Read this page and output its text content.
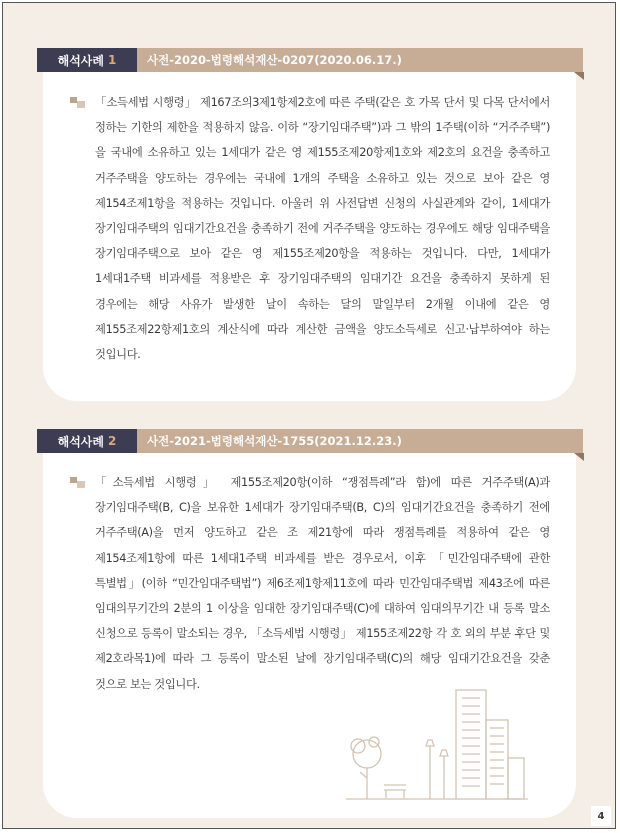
해석사례 1	사전-2020-법령해석재산-0207(2020.06.17.)

「소득세법 시행령」 제167조의3제1항제2호에 따른 주택(같은 호 가목 단서 및 다목 단서에서 정하는 기한의 제한을 적용하지 않음. 이하 “장기임대주택”)과 그 밖의 1주택(이하 “거주주택”)을 국내에 소유하고 있는 1세대가 같은 영 제155조제20항제1호와 제2호의 요건을 충족하고 거주주택을 양도하는 경우에는 국내에 1개의 주택을 소유하고 있는 것으로 보아 같은 영 제154조제1항을 적용하는 것입니다. 아울러 위 사전답변 신청의 사실관계와 같이, 1세대가 장기임대주택의 임대기간요건을 충족하기 전에 거주주택을 양도하는 경우에도 해당 임대주택을 장기임대주택으로 보아 같은 영 제155조제20항을 적용하는 것입니다. 다만, 1세대가 1세대1주택 비과세를 적용받은 후 장기임대주택의 임대기간 요건을 충족하지 못하게 된 경우에는 해당 사유가 발생한 날이 속하는 달의 말일부터 2개월 이내에 같은 영 제155조제22항제1호의 계산식에 따라 계산한 금액을 양도소득세로 신고·납부하여야 하는 것입니다.

해석사례 2	사전-2021-법령해석재산-1755(2021.12.23.)

「소득세법 시행령」 제155조제20항(이하 “쟁점특례”라 함)에 따른 거주주택(A)과 장기임대주택(B, C)을 보유한 1세대가 장기임대주택(B, C)의 임대기간요건을 충족하기 전에 거주주택(A)을 먼저 양도하고 같은 조 제21항에 따라 쟁점특례를 적용하여 같은 영 제154조제1항에 따른 1세대1주택 비과세를 받은 경우로서, 이후 「민간임대주택에 관한 특별법」(이하 “민간임대주택법”) 제6조제1항제11호에 따라 민간임대주택법 제43조에 따른 임대의무기간의 2분의 1 이상을 임대한 장기임대주택(C)에 대하여 임대의무기간 내 등록 말소 신청으로 등록이 말소되는 경우, 「소득세법 시행령」 제155조제22항 각 호 외의 부분 후단 및 제2호라목1)에 따라 그 등록이 말소된 날에 장기임대주택(C)의 해당 임대기간요건을 갖춘 것으로 보는 것입니다.

4
